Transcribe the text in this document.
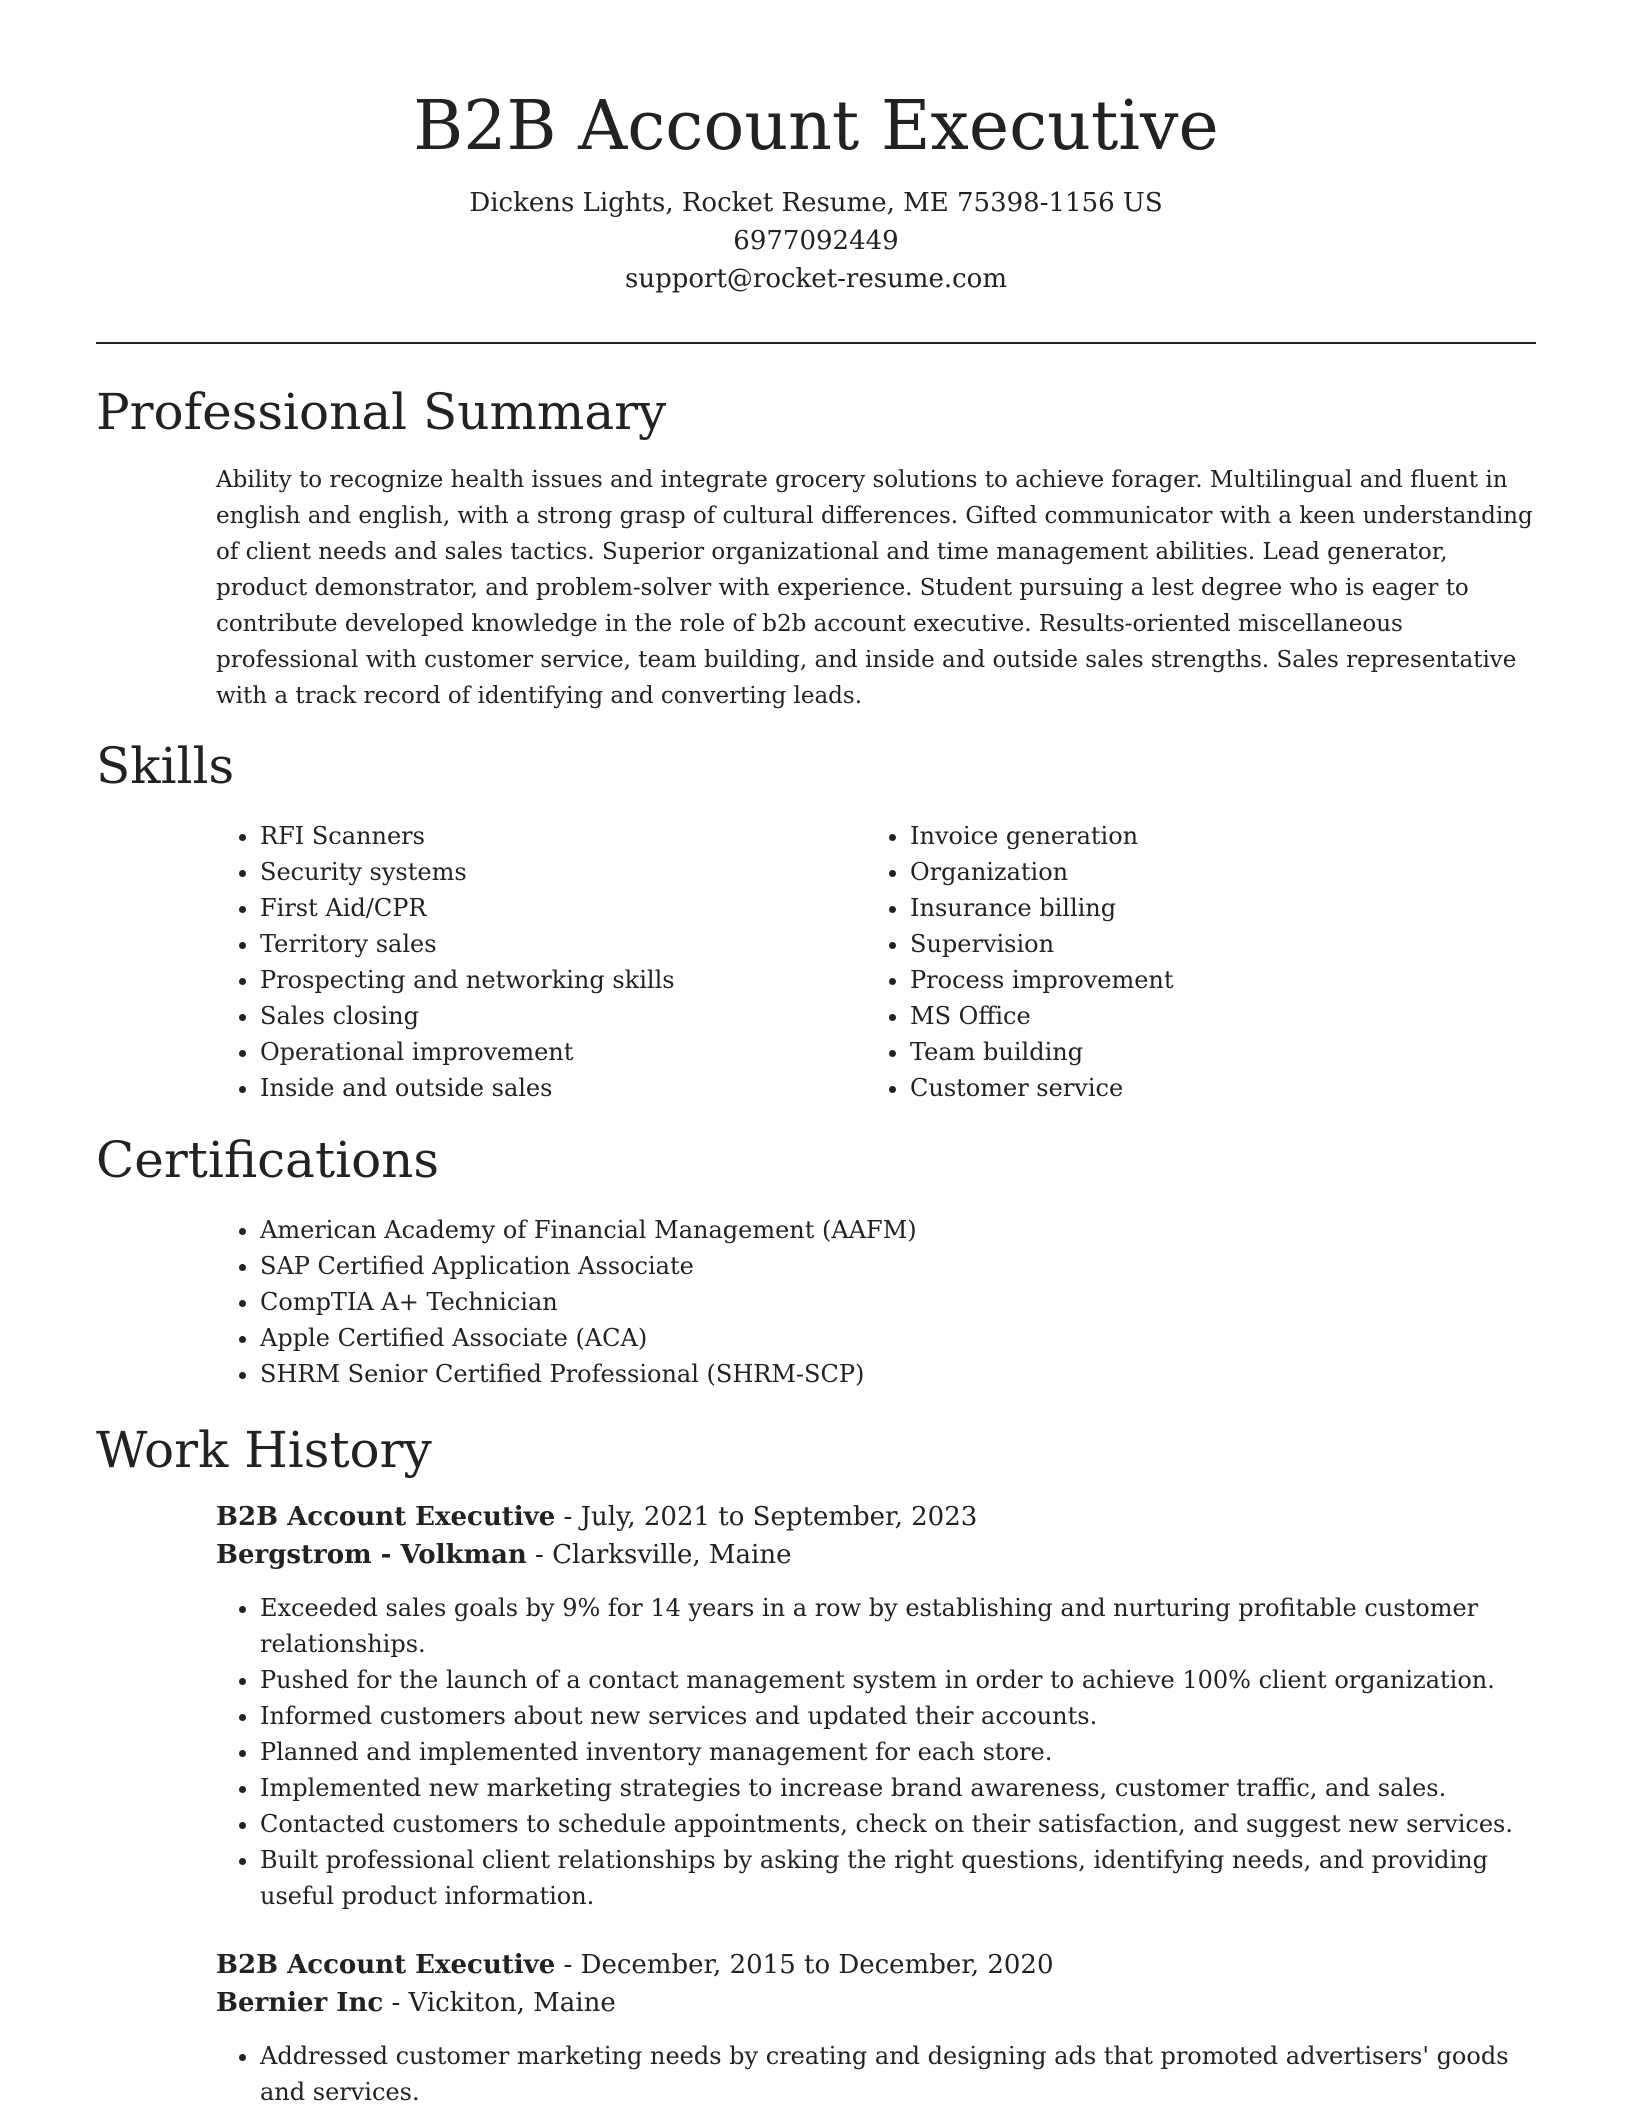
B2B Account Executive
Dickens Lights, Rocket Resume, ME 75398-1156 US
6977092449
support@rocket-resume.com
Professional Summary

Ability to recognize health issues and integrate grocery solutions to achieve forager. Multilingual and fluent in english and english, with a strong grasp of cultural differences. Gifted communicator with a keen understanding of client needs and sales tactics. Superior organizational and time management abilities. Lead generator, product demonstrator, and problem-solver with experience. Student pursuing a lest degree who is eager to contribute developed knowledge in the role of b2b account executive. Results-oriented miscellaneous professional with customer service, team building, and inside and outside sales strengths. Sales representative with a track record of identifying and converting leads.

Skills
• RFI Scanners
• Security systems
• First Aid/CPR
• Territory sales
• Prospecting and networking skills
• Sales closing
• Operational improvement
• Inside and outside sales
• Invoice generation
• Organization
• Insurance billing
• Supervision
• Process improvement
• MS Office
• Team building
• Customer service
Certifications
• American Academy of Financial Management (AAFM)
• SAP Certified Application Associate
• CompTIA A+ Technician
• Apple Certified Associate (ACA)
• SHRM Senior Certified Professional (SHRM-SCP)
Work History
B2B Account Executive - July, 2021 to September, 2023
Bergstrom - Volkman - Clarksville, Maine
• Exceeded sales goals by 9% for 14 years in a row by establishing and nurturing profitable customer relationships.
• Pushed for the launch of a contact management system in order to achieve 100% client organization.
• Informed customers about new services and updated their accounts.
• Planned and implemented inventory management for each store.
• Implemented new marketing strategies to increase brand awareness, customer traffic, and sales.
• Contacted customers to schedule appointments, check on their satisfaction, and suggest new services.
• Built professional client relationships by asking the right questions, identifying needs, and providing useful product information.
B2B Account Executive - December, 2015 to December, 2020
Bernier Inc - Vickiton, Maine
• Addressed customer marketing needs by creating and designing ads that promoted advertisers' goods and services.
